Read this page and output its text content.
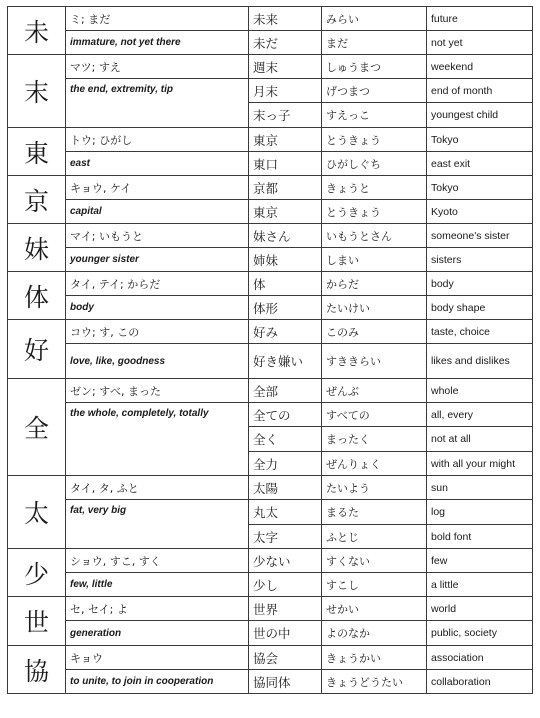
未	ミ; まだ	未来	みらい	future
	immature, not yet there	未だ	まだ	not yet
末	マツ; すえ	週末	しゅうまつ	weekend
	the end, extremity, tip	月末	げつまつ	end of month
		末っ子	すえっこ	youngest child
東	トウ; ひがし	東京	とうきょう	Tokyo
	east	東口	ひがしぐち	east exit
京	キョウ, ケイ	京都	きょうと	Tokyo
	capital	東京	とうきょう	Kyoto
妹	マイ; いもうと	妹さん	いもうとさん	someone's sister
	younger sister	姉妹	しまい	sisters
体	タイ, テイ; からだ	体	からだ	body
	body	体形	たいけい	body shape
好	コウ; す, この	好み	このみ	taste, choice
	love, like, goodness	好き嫌い	すききらい	likes and dislikes
全	ゼン; すべ, まった	全部	ぜんぶ	whole
	the whole, completely, totally	全ての	すべての	all, every
		全く	まったく	not at all
		全力	ぜんりょく	with all your might
太	タイ, タ, ふと	太陽	たいよう	sun
	fat, very big	丸太	まるた	log
		太字	ふとじ	bold font
少	ショウ, すこ, すく	少ない	すくない	few
	few, little	少し	すこし	a little
世	セ, セイ; よ	世界	せかい	world
	generation	世の中	よのなか	public, society
協	キョウ	協会	きょうかい	association
	to unite, to join in cooperation	協同体	きょうどうたい	collaboration
